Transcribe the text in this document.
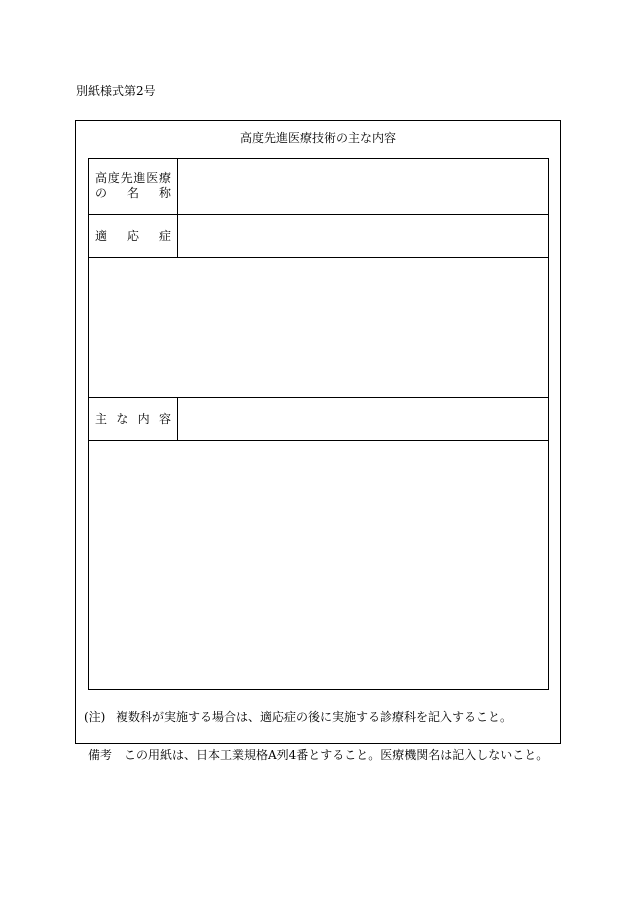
別紙様式第2号
高度先進医療技術の主な内容
高 度 先 進 医 療
の 名 称
適 応 症
主 な 内 容
(注) 複数科が実施する場合は、適応症の後に実施する診療科を記入すること。
備考 この用紙は、日本工業規格A列4番とすること。医療機関名は記入しないこと。
